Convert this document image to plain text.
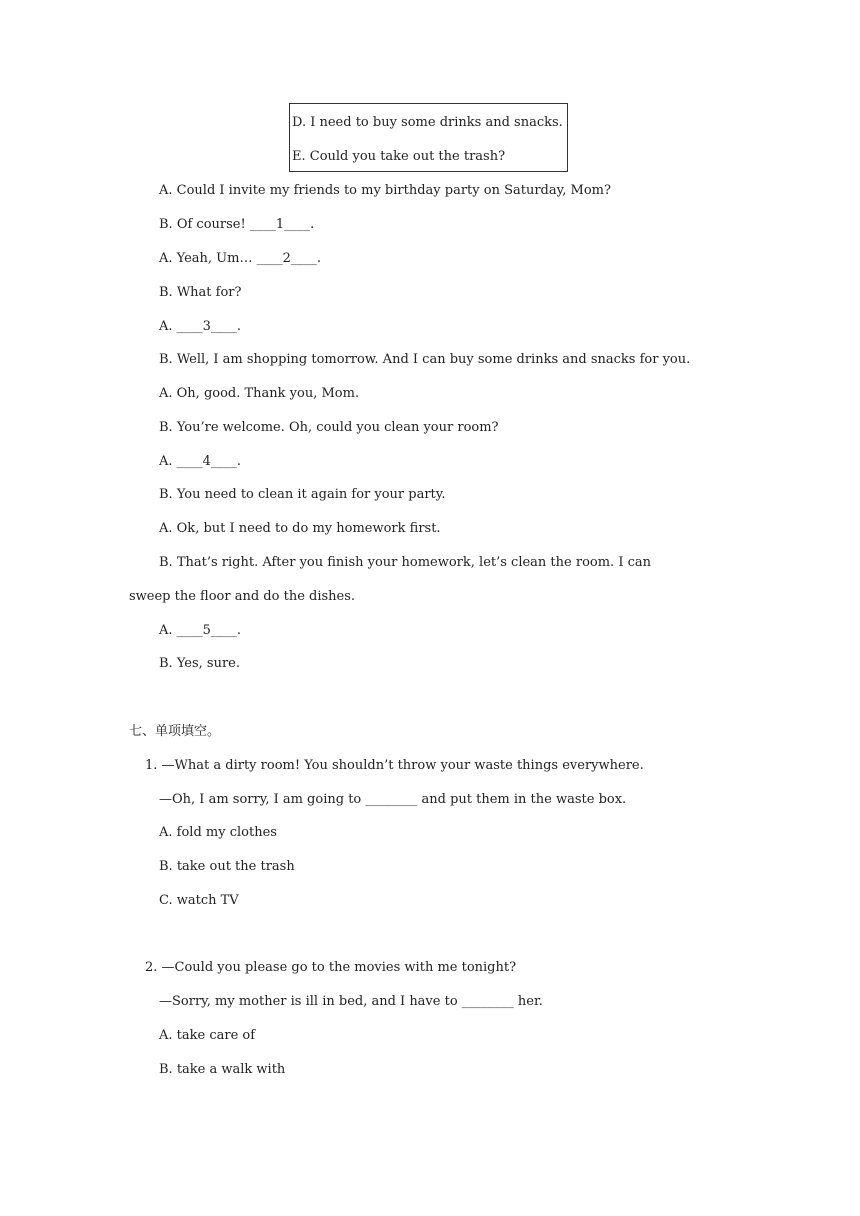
D. I need to buy some drinks and snacks.
E. Could you take out the trash?
A. Could I invite my friends to my birthday party on Saturday, Mom?
B. Of course! ____1____.
A. Yeah, Um… ____2____.
B. What for?
A. ____3____.
B. Well, I am shopping tomorrow. And I can buy some drinks and snacks for you.
A. Oh, good. Thank you, Mom.
B. You’re welcome. Oh, could you clean your room?
A. ____4____.
B. You need to clean it again for your party.
A. Ok, but I need to do my homework first.
B. That’s right. After you finish your homework, let’s clean the room. I can
sweep the floor and do the dishes.
A. ____5____.
B. Yes, sure.
七、单项填空。
1. —What a dirty room! You shouldn’t throw your waste things everywhere.
—Oh, I am sorry, I am going to ________ and put them in the waste box.
A. fold my clothes
B. take out the trash
C. watch TV
2. —Could you please go to the movies with me tonight?
—Sorry, my mother is ill in bed, and I have to ________ her.
A. take care of
B. take a walk with
